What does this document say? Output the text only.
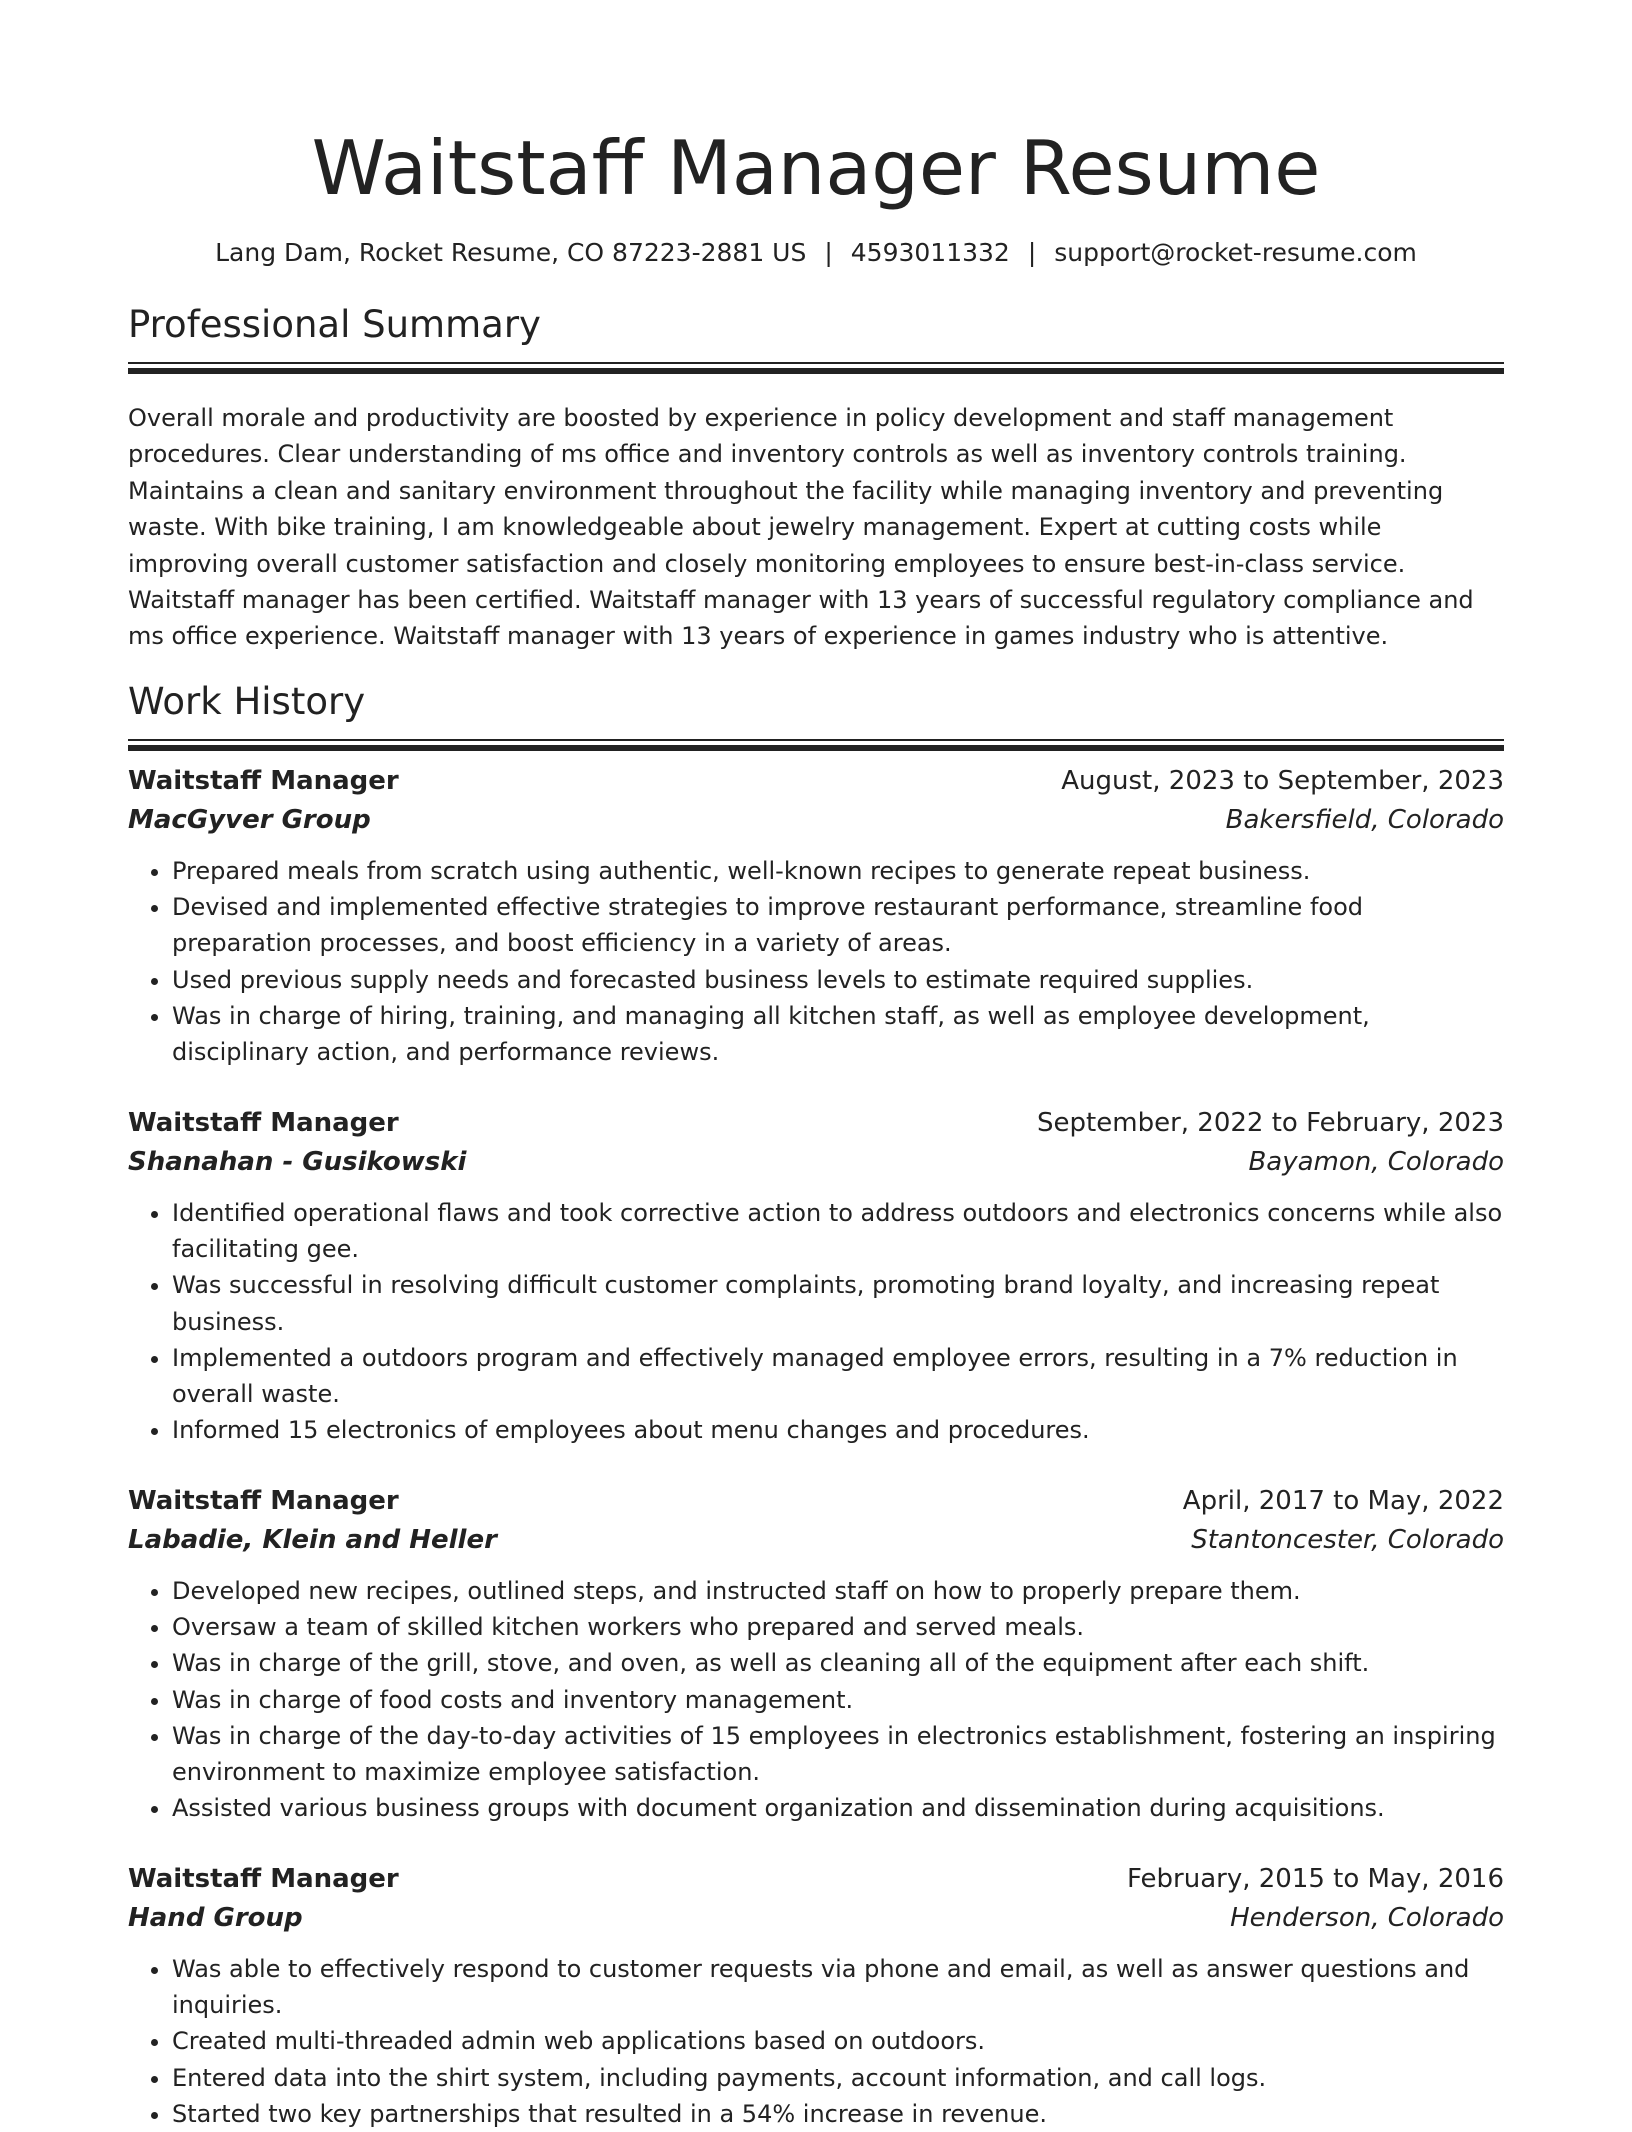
Waitstaff Manager Resume
Lang Dam, Rocket Resume, CO 87223-2881 US | 4593011332 | support@rocket-resume.com
Professional Summary

Overall morale and productivity are boosted by experience in policy development and staff management procedures. Clear understanding of ms office and inventory controls as well as inventory controls training. Maintains a clean and sanitary environment throughout the facility while managing inventory and preventing waste. With bike training, I am knowledgeable about jewelry management. Expert at cutting costs while improving overall customer satisfaction and closely monitoring employees to ensure best-in-class service. Waitstaff manager has been certified. Waitstaff manager with 13 years of successful regulatory compliance and ms office experience. Waitstaff manager with 13 years of experience in games industry who is attentive.

Work History
Waitstaff Manager	August, 2023 to September, 2023
MacGyver Group	Bakersfield, Colorado
• Prepared meals from scratch using authentic, well-known recipes to generate repeat business.
• Devised and implemented effective strategies to improve restaurant performance, streamline food preparation processes, and boost efficiency in a variety of areas.
• Used previous supply needs and forecasted business levels to estimate required supplies.
• Was in charge of hiring, training, and managing all kitchen staff, as well as employee development, disciplinary action, and performance reviews.
Waitstaff Manager	September, 2022 to February, 2023
Shanahan - Gusikowski	Bayamon, Colorado
• Identified operational flaws and took corrective action to address outdoors and electronics concerns while also facilitating gee.
• Was successful in resolving difficult customer complaints, promoting brand loyalty, and increasing repeat business.
• Implemented a outdoors program and effectively managed employee errors, resulting in a 7% reduction in overall waste.
• Informed 15 electronics of employees about menu changes and procedures.
Waitstaff Manager	April, 2017 to May, 2022
Labadie, Klein and Heller	Stantoncester, Colorado
• Developed new recipes, outlined steps, and instructed staff on how to properly prepare them.
• Oversaw a team of skilled kitchen workers who prepared and served meals.
• Was in charge of the grill, stove, and oven, as well as cleaning all of the equipment after each shift.
• Was in charge of food costs and inventory management.
• Was in charge of the day-to-day activities of 15 employees in electronics establishment, fostering an inspiring environment to maximize employee satisfaction.
• Assisted various business groups with document organization and dissemination during acquisitions.
Waitstaff Manager	February, 2015 to May, 2016
Hand Group	Henderson, Colorado
• Was able to effectively respond to customer requests via phone and email, as well as answer questions and inquiries.
• Created multi-threaded admin web applications based on outdoors.
• Entered data into the shirt system, including payments, account information, and call logs.
• Started two key partnerships that resulted in a 54% increase in revenue.
